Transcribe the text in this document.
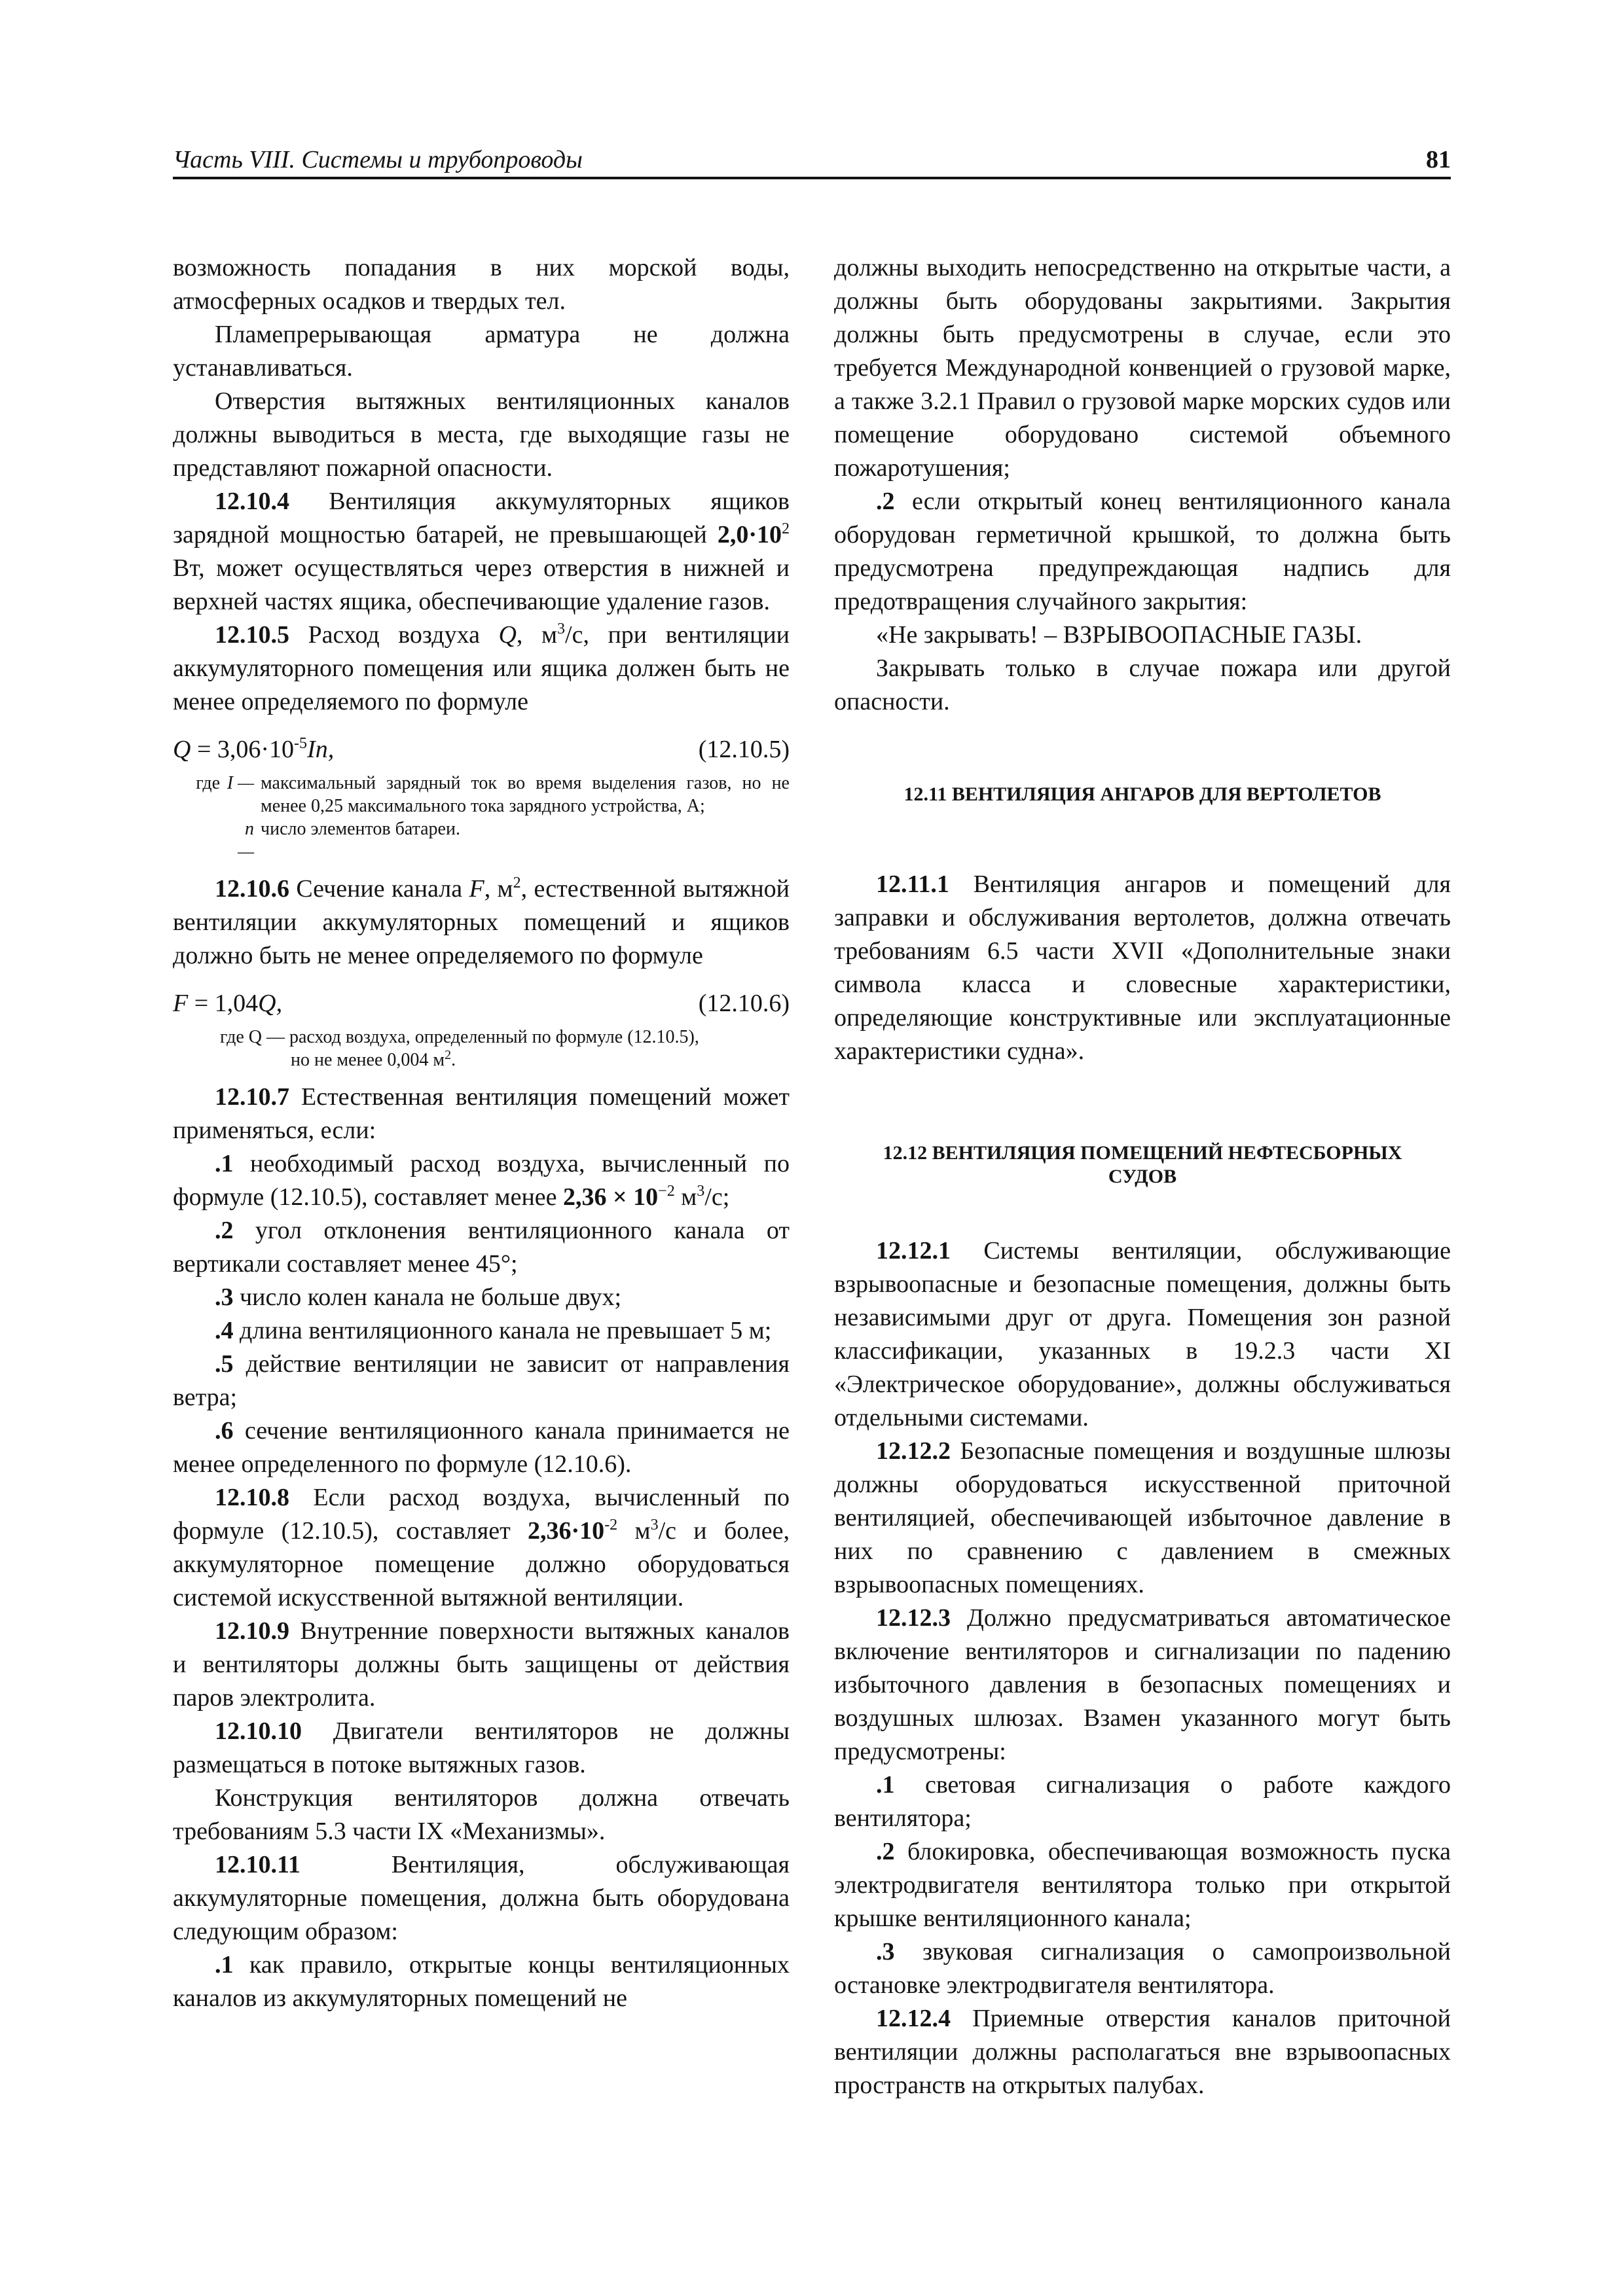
Часть VIII. Системы и трубопроводы	81

возможность попадания в них морской воды, атмосферных осадков и твердых тел.

Пламепрерывающая арматура не должна устанавливаться.

Отверстия вытяжных вентиляционных каналов должны выводиться в места, где выходящие газы не представляют пожарной опасности.

12.10.4 Вентиляция аккумуляторных ящиков зарядной мощностью батарей, не превышающей $2,0\cdot 10^2$ Вт, может осуществляться через отверстия в нижней и верхней частях ящика, обеспечивающие удаление газов.

12.10.5 Расход воздуха Q, $м^3/с$, при вентиляции аккумуляторного помещения или ящика должен быть не менее определяемого по формуле

$Q = 3,06\cdot 10^{-5}In$,	(12.10.5)
где I — максимальный зарядный ток во время выделения газов, но не менее 0,25 максимального тока зарядного устройства, А;
n —
число элементов батареи.

12.10.6 Сечение канала F, $м^2$, естественной вытяжной вентиляции аккумуляторных помещений и ящиков должно быть не менее определяемого по формуле

F = 1,04Q,	(12.10.6)
где Q — расход воздуха, определенный по формуле (12.10.5),
но не менее 0,004 $м^2$.

12.10.7 Естественная вентиляция помещений может применяться, если:

.1 необходимый расход воздуха, вычисленный по формуле (12.10.5), составляет менее $2,36 \times 10^{-2}$ $м^3/с$;

.2 угол отклонения вентиляционного канала от вертикали составляет менее 45°;

.3 число колен канала не больше двух;

.4 длина вентиляционного канала не превышает 5 м;

.5 действие вентиляции не зависит от направления ветра;

.6 сечение вентиляционного канала принимается не менее определенного по формуле (12.10.6).

12.10.8 Если расход воздуха, вычисленный по формуле (12.10.5), составляет $2,36\cdot 10^{-2}$ $м^3/с$ и более, аккумуляторное помещение должно оборудоваться системой искусственной вытяжной вентиляции.

12.10.9 Внутренние поверхности вытяжных каналов и вентиляторы должны быть защищены от действия паров электролита.

12.10.10 Двигатели вентиляторов не должны размещаться в потоке вытяжных газов.

Конструкция вентиляторов должна отвечать требованиям 5.3 части IX «Механизмы».

12.10.11 Вентиляция, обслуживающая аккумуляторные помещения, должна быть оборудована следующим образом:

.1 как правило, открытые концы вентиляционных каналов из аккумуляторных помещений не

должны выходить непосредственно на открытые части, а должны быть оборудованы закрытиями. Закрытия должны быть предусмотрены в случае, если это требуется Международной конвенцией о грузовой марке, а также 3.2.1 Правил о грузовой марке морских судов или помещение оборудовано системой объемного пожаротушения;

.2 если открытый конец вентиляционного канала оборудован герметичной крышкой, то должна быть предусмотрена предупреждающая надпись для предотвращения случайного закрытия:

«Не закрывать! – ВЗРЫВООПАСНЫЕ ГАЗЫ.

Закрывать только в случае пожара или другой опасности.

12.11 ВЕНТИЛЯЦИЯ АНГАРОВ ДЛЯ ВЕРТОЛЕТОВ

12.11.1 Вентиляция ангаров и помещений для заправки и обслуживания вертолетов, должна отвечать требованиям 6.5 части XVII «Дополнительные знаки символа класса и словесные характеристики, определяющие конструктивные или эксплуатационные характеристики судна».

12.12 ВЕНТИЛЯЦИЯ ПОМЕЩЕНИЙ НЕФТЕСБОРНЫХ

СУДОВ

12.12.1 Системы вентиляции, обслуживающие взрывоопасные и безопасные помещения, должны быть независимыми друг от друга. Помещения зон разной классификации, указанных в 19.2.3 части XI «Электрическое оборудование», должны обслуживаться отдельными системами.

12.12.2 Безопасные помещения и воздушные шлюзы должны оборудоваться искусственной приточной вентиляцией, обеспечивающей избыточное давление в них по сравнению с давлением в смежных взрывоопасных помещениях.

12.12.3 Должно предусматриваться автоматическое включение вентиляторов и сигнализации по падению избыточного давления в безопасных помещениях и воздушных шлюзах. Взамен указанного могут быть предусмотрены:

.1 световая сигнализация о работе каждого вентилятора;

.2 блокировка, обеспечивающая возможность пуска электродвигателя вентилятора только при открытой крышке вентиляционного канала;

.3 звуковая сигнализация о самопроизвольной остановке электродвигателя вентилятора.

12.12.4 Приемные отверстия каналов приточной вентиляции должны располагаться вне взрывоопасных пространств на открытых палубах.
